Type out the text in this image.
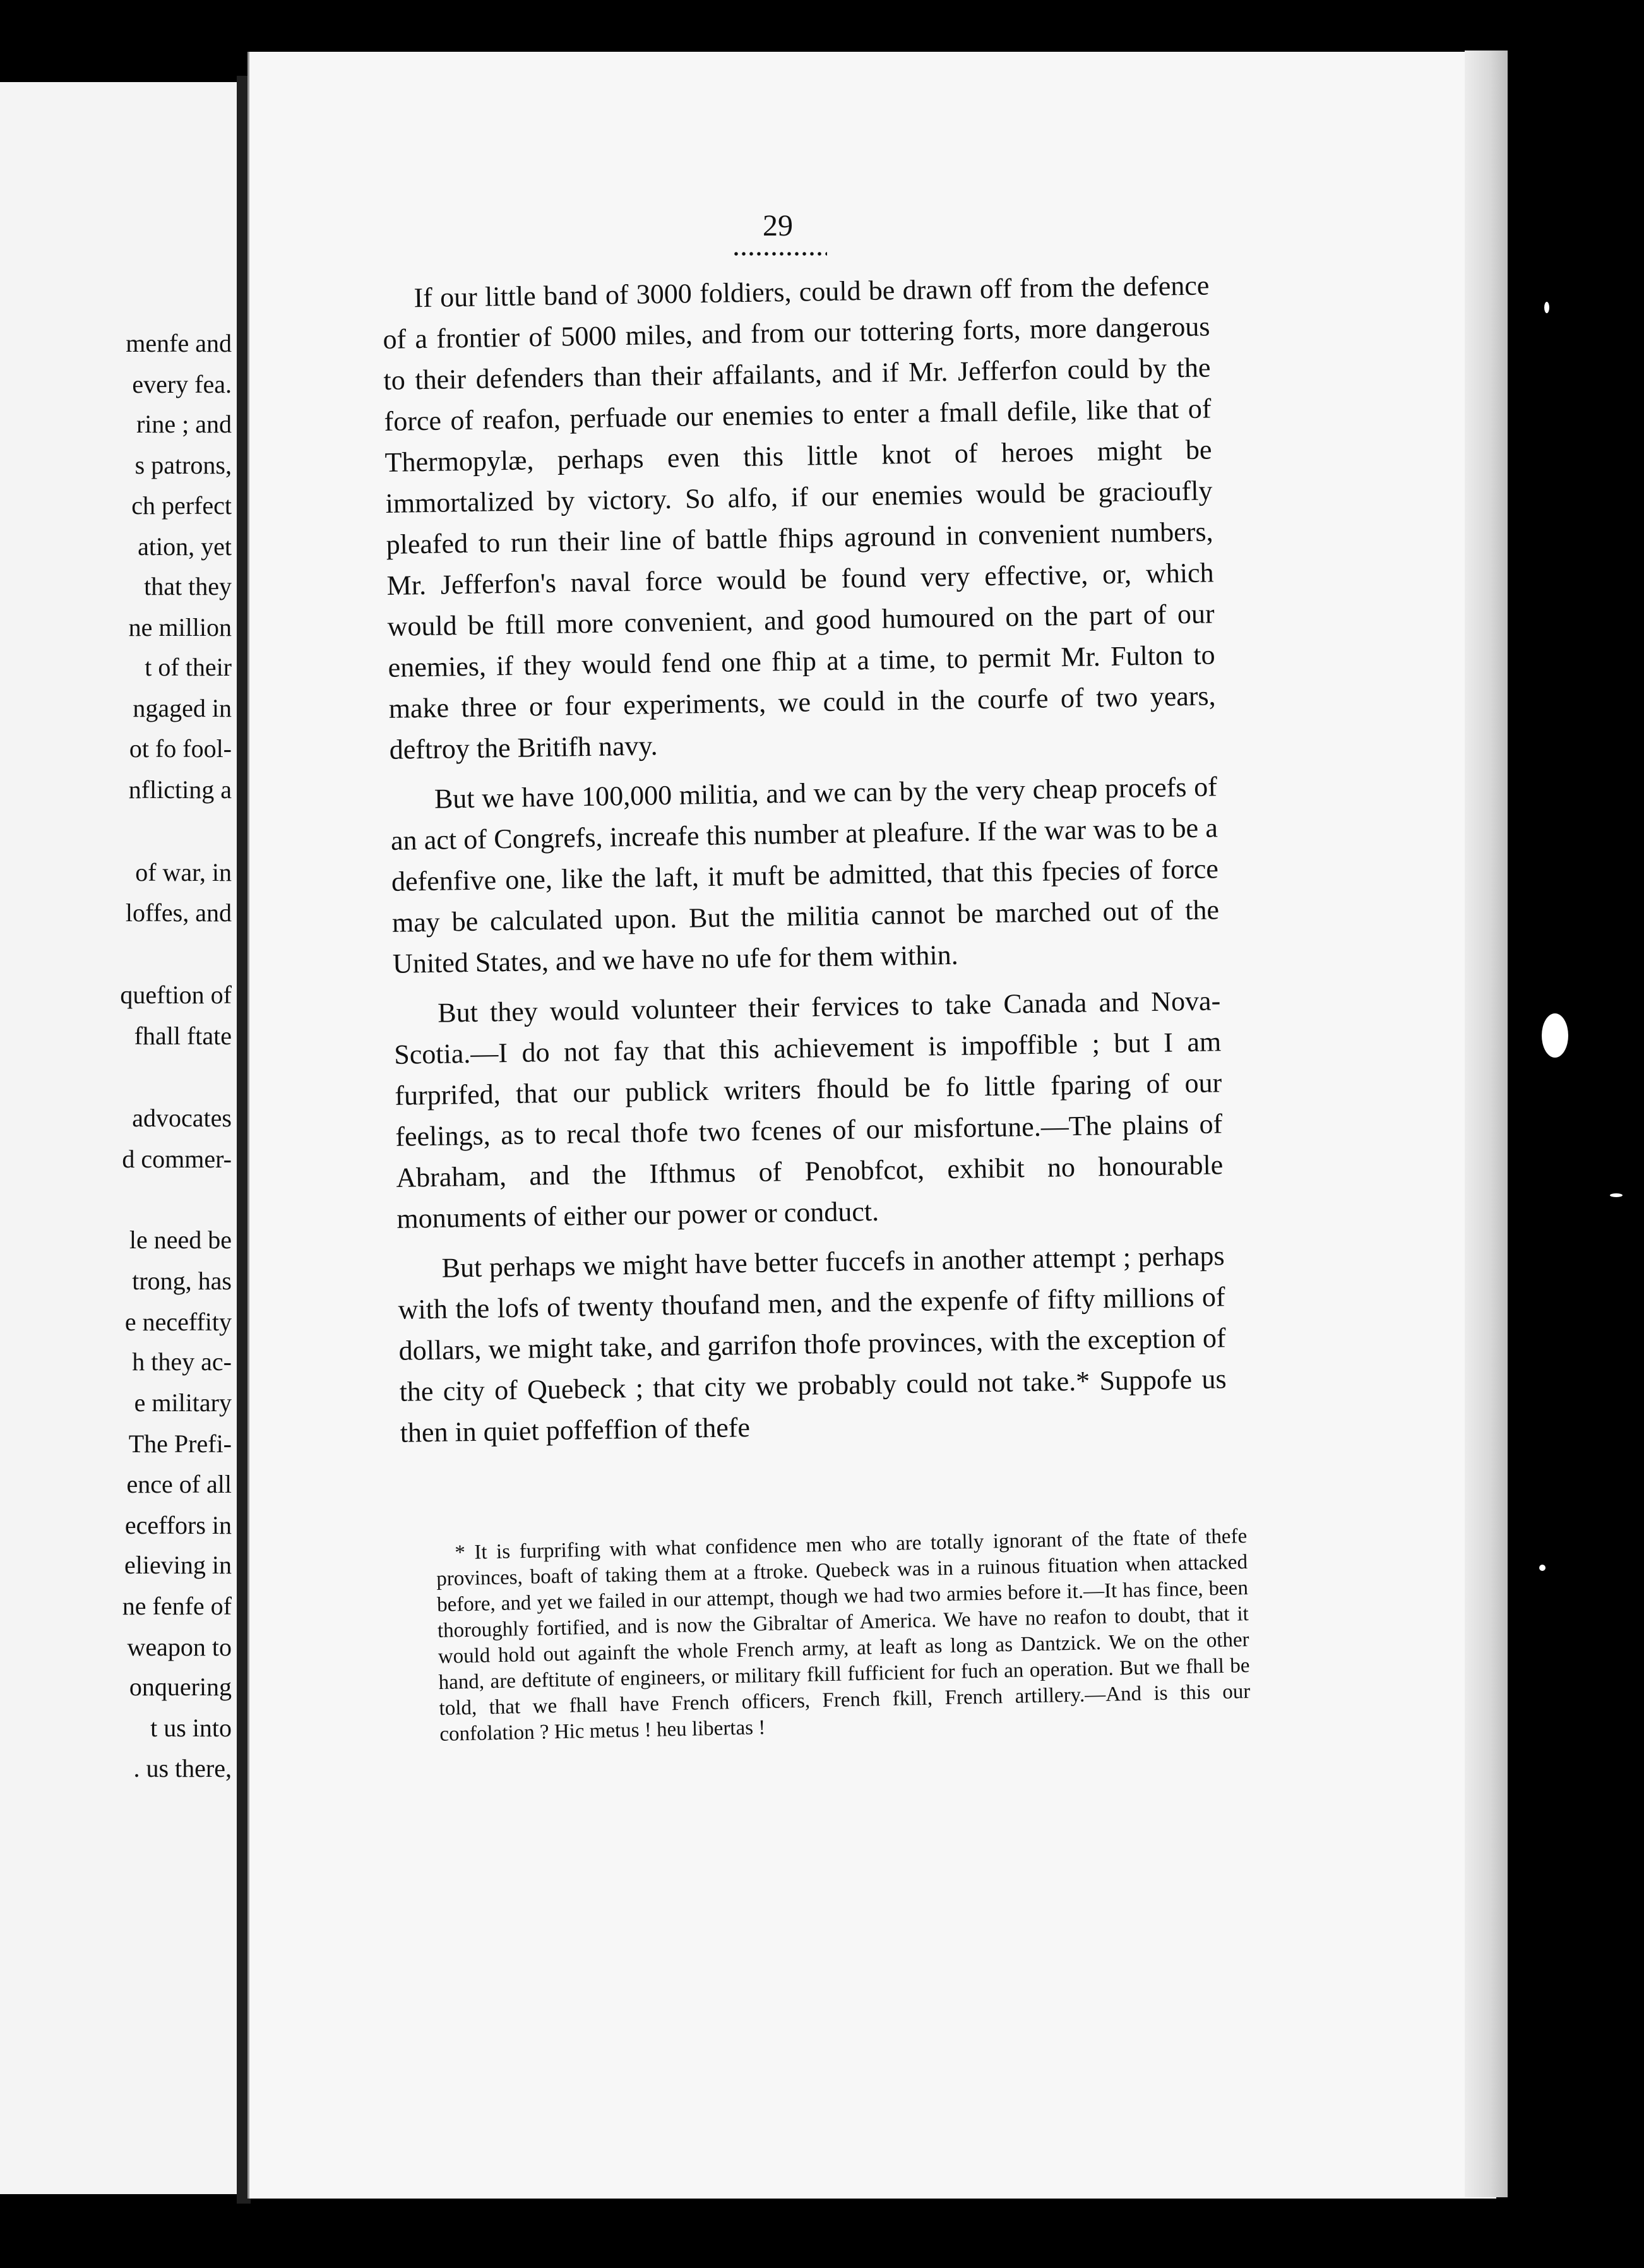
menfe and
every fea.
rine ; and
s patrons,
ch perfect
ation, yet
that they
ne million
t of their
ngaged in
ot fo fool-
nflicting a
of war, in
loffes, and
queftion of
fhall ftate
advocates
d commer-
le need be
trong, has
e neceffity
h they ac-
e military
The Prefi-
ence of all
eceffors in
elieving in
ne fenfe of
weapon to
onquering
t us into
. us there,
29

If our little band of 3000 foldiers, could be drawn off from the defence of a frontier of 5000 miles, and from our tottering forts, more dangerous to their defenders than their affailants, and if Mr. Jefferfon could by the force of reafon, perfuade our enemies to enter a fmall defile, like that of Thermopylæ, perhaps even this little knot of heroes might be immortalized by victory. So alfo, if our enemies would be gracioufly pleafed to run their line of battle fhips aground in convenient numbers, Mr. Jefferfon's naval force would be found very effective, or, which would be ftill more convenient, and good humoured on the part of our enemies, if they would fend one fhip at a time, to permit Mr. Fulton to make three or four experiments, we could in the courfe of two years, deftroy the Britifh navy.

But we have 100,000 militia, and we can by the very cheap procefs of an act of Congrefs, increafe this number at pleafure. If the war was to be a defenfive one, like the laft, it muft be admitted, that this fpecies of force may be calculated upon. But the militia cannot be marched out of the United States, and we have no ufe for them within.

But they would volunteer their fervices to take Canada and Nova-Scotia.—I do not fay that this achievement is impoffible ; but I am furprifed, that our publick writers fhould be fo little fparing of our feelings, as to recal thofe two fcenes of our misfortune.—The plains of Abraham, and the Ifthmus of Penobfcot, exhibit no honourable monuments of either our power or conduct.

But perhaps we might have better fuccefs in another attempt ; perhaps with the lofs of twenty thoufand men, and the expenfe of fifty millions of dollars, we might take, and garrifon thofe provinces, with the exception of the city of Quebeck ; that city we probably could not take.* Suppofe us then in quiet poffeffion of thefe

* It is furprifing with what confidence men who are totally ignorant of the ftate of thefe provinces, boaft of taking them at a ftroke. Quebeck was in a ruinous fituation when attacked before, and yet we failed in our attempt, though we had two armies before it.—It has fince, been thoroughly fortified, and is now the Gibraltar of America. We have no reafon to doubt, that it would hold out againft the whole French army, at leaft as long as Dantzick. We on the other hand, are deftitute of engineers, or military fkill fufficient for fuch an operation. But we fhall be told, that we fhall have French officers, French fkill, French artillery.—And is this our confolation ? Hic metus ! heu libertas !
